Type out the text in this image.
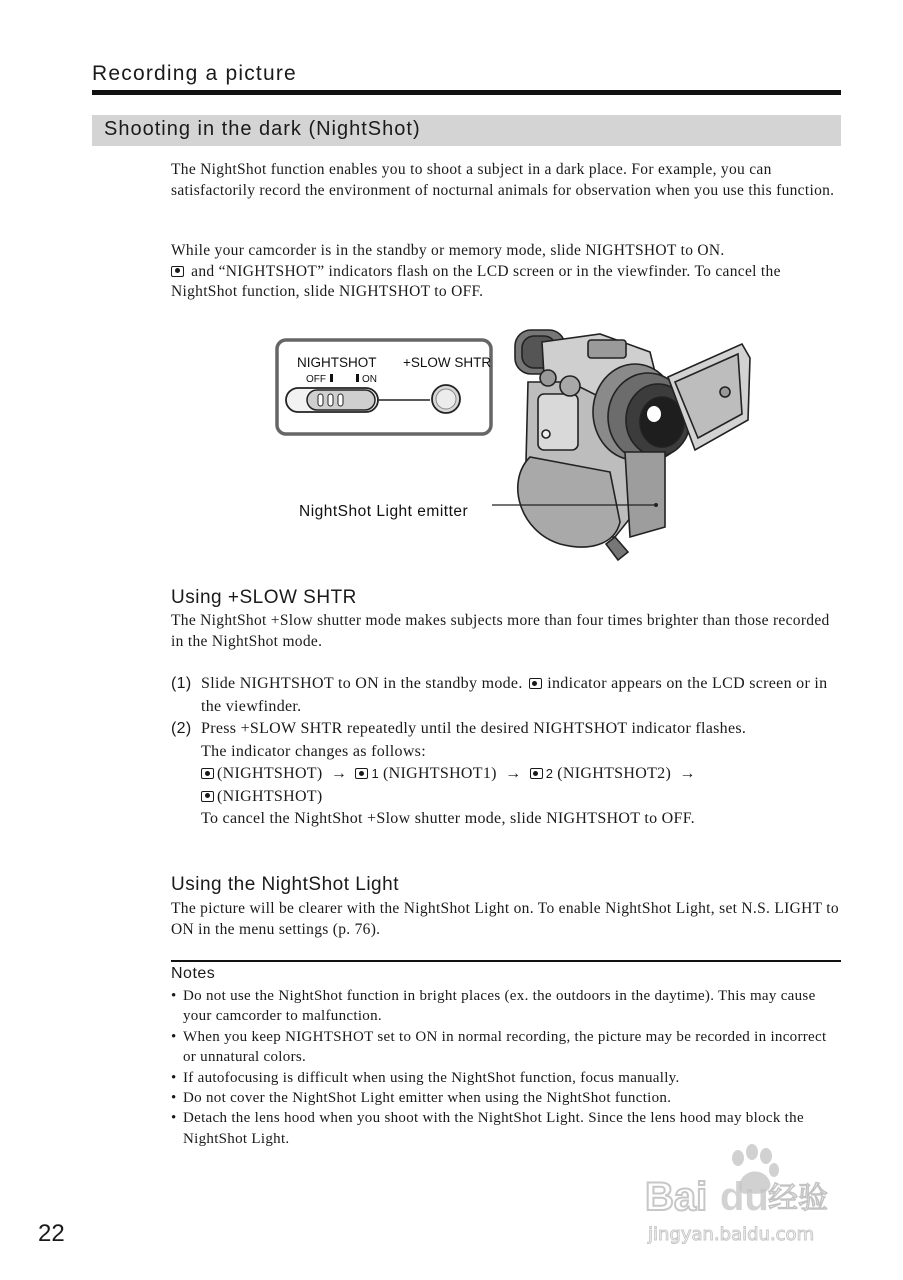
Recording a picture
Shooting in the dark (NightShot)
The NightShot function enables you to shoot a subject in a dark place. For example, you can satisfactorily record the environment of nocturnal animals for observation when you use this function.
While your camcorder is in the standby or memory mode, slide NIGHTSHOT to ON.
and “NIGHTSHOT” indicators flash on the LCD screen or in the viewfinder. To cancel the NightShot function, slide NIGHTSHOT to OFF.
NIGHTSHOT +SLOW SHTR
OFF	ON
NightShot Light emitter
Using +SLOW SHTR
The NightShot +Slow shutter mode makes subjects more than four times brighter than those recorded in the NightShot mode.
(1) Slide NIGHTSHOT to ON in the standby mode. indicator appears on the LCD screen or in the viewfinder.
(2) Press +SLOW SHTR repeatedly until the desired NIGHTSHOT indicator flashes.
The indicator changes as follows:
(NIGHTSHOT) → 1 (NIGHTSHOT1) → 2 (NIGHTSHOT2) →
(NIGHTSHOT)
To cancel the NightShot +Slow shutter mode, slide NIGHTSHOT to OFF.
Using the NightShot Light
The picture will be clearer with the NightShot Light on. To enable NightShot Light, set N.S. LIGHT to ON in the menu settings (p. 76).
Notes
• Do not use the NightShot function in bright places (ex. the outdoors in the daytime). This may cause your camcorder to malfunction.
• When you keep NIGHTSHOT set to ON in normal recording, the picture may be recorded in incorrect or unnatural colors.
• If autofocusing is difficult when using the NightShot function, focus manually.
• Do not cover the NightShot Light emitter when using the NightShot function.
• Detach the lens hood when you shoot with the NightShot Light. Since the lens hood may block the NightShot Light.
22
Bai du 经验
jingyan.baidu.com
